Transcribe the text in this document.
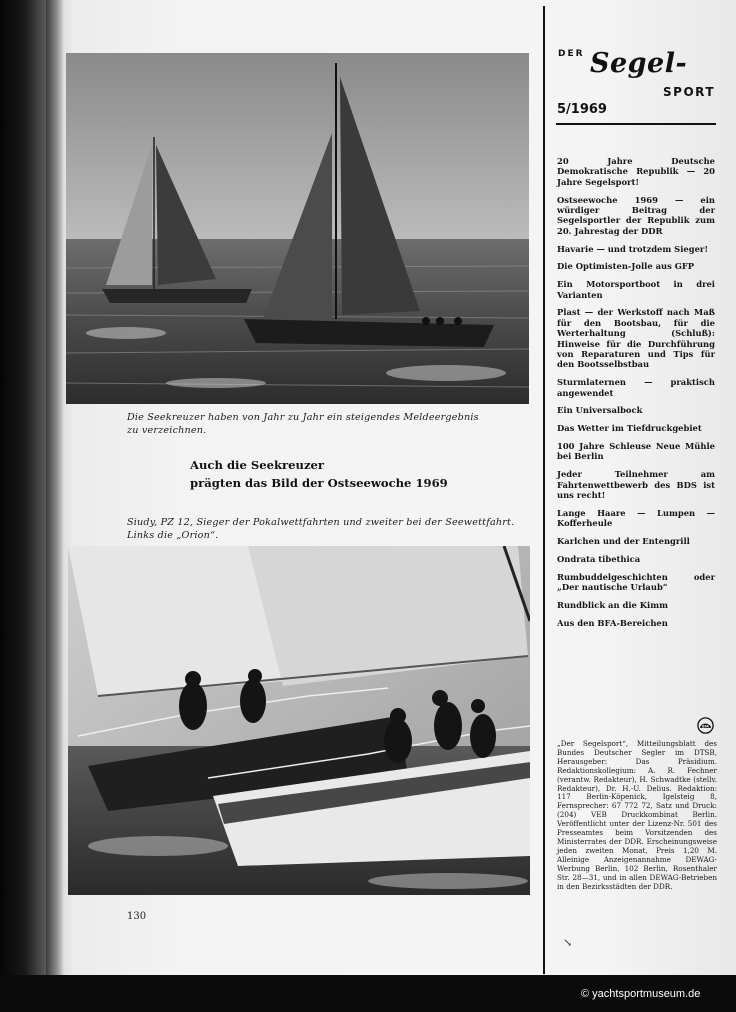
Die Seekreuzer haben von Jahr zu Jahr ein steigendes Meldeergebnis zu verzeichnen.

Auch die Seekreuzer
prägten das Bild der Ostseewoche 1969

Siudy, PZ 12, Sieger der Pokalwettfahrten und zweiter bei der Seewettfahrt. Links die „Orion“.

130
DER Segel-
SPORT
5/1969
20 Jahre Deutsche Demokratische Republik — 20 Jahre Segelsport!
Ostseewoche 1969 — ein würdiger Beitrag der Segelsportler der Republik zum 20. Jahrestag der DDR
Havarie — und trotzdem Sieger!
Die Optimisten-Jolle aus GFP
Ein Motorsportboot in drei Varianten
Plast — der Werkstoff nach Maß für den Bootsbau, für die Werterhaltung (Schluß): Hinweise für die Durchführung von Reparaturen und Tips für den Bootsselbstbau
Sturmlaternen — praktisch angewendet
Ein Universalbock
Das Wetter im Tiefdruckgebiet
100 Jahre Schleuse Neue Mühle bei Berlin
Jeder Teilnehmer am Fahrtenwettbewerb des BDS ist uns recht!
Lange Haare — Lumpen — Kofferheule
Karlchen und der Entengrill
Ondrata tibethica
Rumbuddelgeschichten oder „Der nautische Urlaub“
Rundblick an die Kimm
Aus den BFA-Bereichen
BFA

„Der Segelsport“, Mitteilungsblatt des Bundes Deutscher Segler im DTSB, Herausgeber: Das Präsidium. Redaktionskollegium: A. R. Fechner (verantw. Redakteur), H. Schwadtke (stellv. Redakteur), Dr. H.-U. Delius. Redaktion: 117 Berlin-Köpenick, Igelsteig 8, Fernsprecher: 67 772 72, Satz und Druck: (204) VEB Druckkombinat Berlin. Veröffentlicht unter der Lizenz-Nr. 501 des Presseamtes beim Vorsitzenden des Ministerrates der DDR. Erscheinungsweise jeden zweiten Monat, Preis 1,20 M. Alleinige Anzeigenannahme DEWAG-Werbung Berlin, 102 Berlin, Rosenthaler Str. 28—31, und in allen DEWAG-Betrieben in den Bezirksstädten der DDR.

↘
© yachtsportmuseum.de
